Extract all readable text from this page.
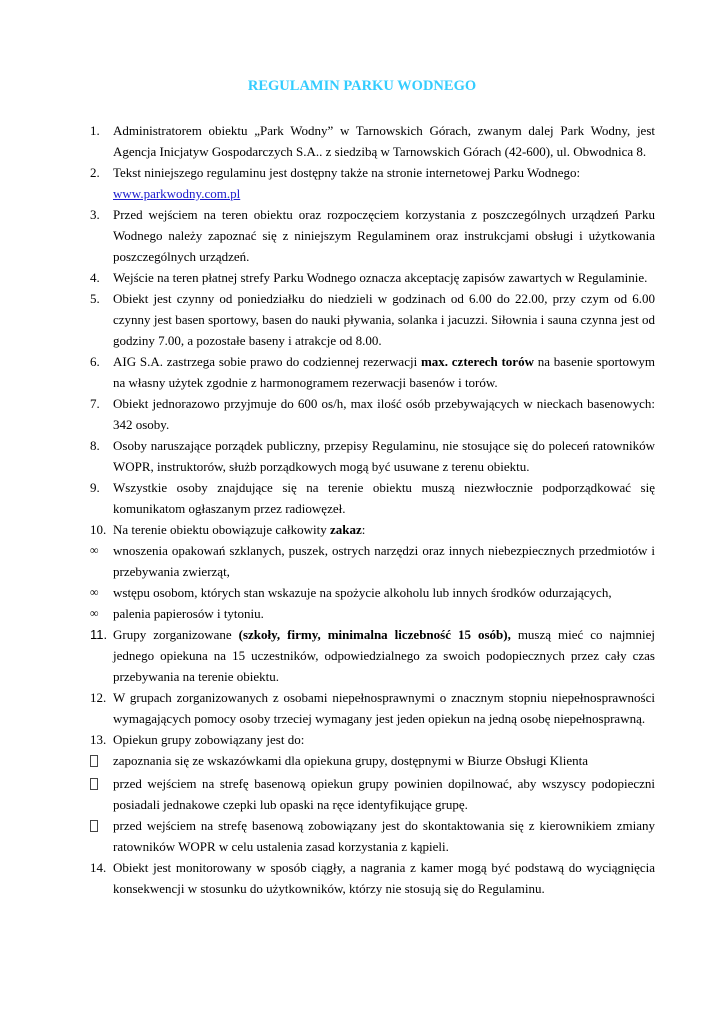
REGULAMIN PARKU WODNEGO
1.	Administratorem obiektu „Park Wodny” w Tarnowskich Górach, zwanym dalej Park Wodny, jest Agencja Inicjatyw Gospodarczych S.A.. z siedzibą w Tarnowskich Górach (42-600), ul. Obwodnica 8.
2.	Tekst niniejszego regulaminu jest dostępny także na stronie internetowej Parku Wodnego:
www.parkwodny.com.pl
3.	Przed wejściem na teren obiektu oraz rozpoczęciem korzystania z poszczególnych urządzeń Parku Wodnego należy zapoznać się z niniejszym Regulaminem oraz instrukcjami obsługi i użytkowania poszczególnych urządzeń.
4.	Wejście na teren płatnej strefy Parku Wodnego oznacza akceptację zapisów zawartych w Regulaminie.
5.	Obiekt jest czynny od poniedziałku do niedzieli w godzinach od 6.00 do 22.00, przy czym od 6.00 czynny jest basen sportowy, basen do nauki pływania, solanka i jacuzzi. Siłownia i sauna czynna jest od godziny 7.00, a pozostałe baseny i atrakcje od 8.00.
6.	AIG S.A. zastrzega sobie prawo do codziennej rezerwacji max. czterech torów na basenie sportowym na własny użytek zgodnie z harmonogramem rezerwacji basenów i torów.
7.	Obiekt jednorazowo przyjmuje do 600 os/h, max ilość osób przebywających w nieckach basenowych: 342 osoby.
8.	Osoby naruszające porządek publiczny, przepisy Regulaminu, nie stosujące się do poleceń ratowników WOPR, instruktorów, służb porządkowych mogą być usuwane z terenu obiektu.
9.	Wszystkie osoby znajdujące się na terenie obiektu muszą niezwłocznie podporządkować się komunikatom ogłaszanym przez radiowęzeł.
10. Na terenie obiektu obowiązuje całkowity zakaz:
∞	wnoszenia opakowań szklanych, puszek, ostrych narzędzi oraz innych niebezpiecznych przedmiotów i przebywania zwierząt,
∞	wstępu osobom, których stan wskazuje na spożycie alkoholu lub innych środków odurzających,
∞	palenia papierosów i tytoniu.
11. Grupy zorganizowane (szkoły, firmy, minimalna liczebność 15 osób), muszą mieć co najmniej jednego opiekuna na 15 uczestników, odpowiedzialnego za swoich podopiecznych przez cały czas przebywania na terenie obiektu.
12. W grupach zorganizowanych z osobami niepełnosprawnymi o znacznym stopniu niepełnosprawności wymagających pomocy osoby trzeciej wymagany jest jeden opiekun na jedną osobę niepełnosprawną.
13. Opiekun grupy zobowiązany jest do:
zapoznania się ze wskazówkami dla opiekuna grupy, dostępnymi w Biurze Obsługi Klienta
przed wejściem na strefę basenową opiekun grupy powinien dopilnować, aby wszyscy podopieczni posiadali jednakowe czepki lub opaski na ręce identyfikujące grupę.
przed wejściem na strefę basenową zobowiązany jest do skontaktowania się z kierownikiem zmiany ratowników WOPR w celu ustalenia zasad korzystania z kąpieli.
14. Obiekt jest monitorowany w sposób ciągły, a nagrania z kamer mogą być podstawą do wyciągnięcia konsekwencji w stosunku do użytkowników, którzy nie stosują się do Regulaminu.
